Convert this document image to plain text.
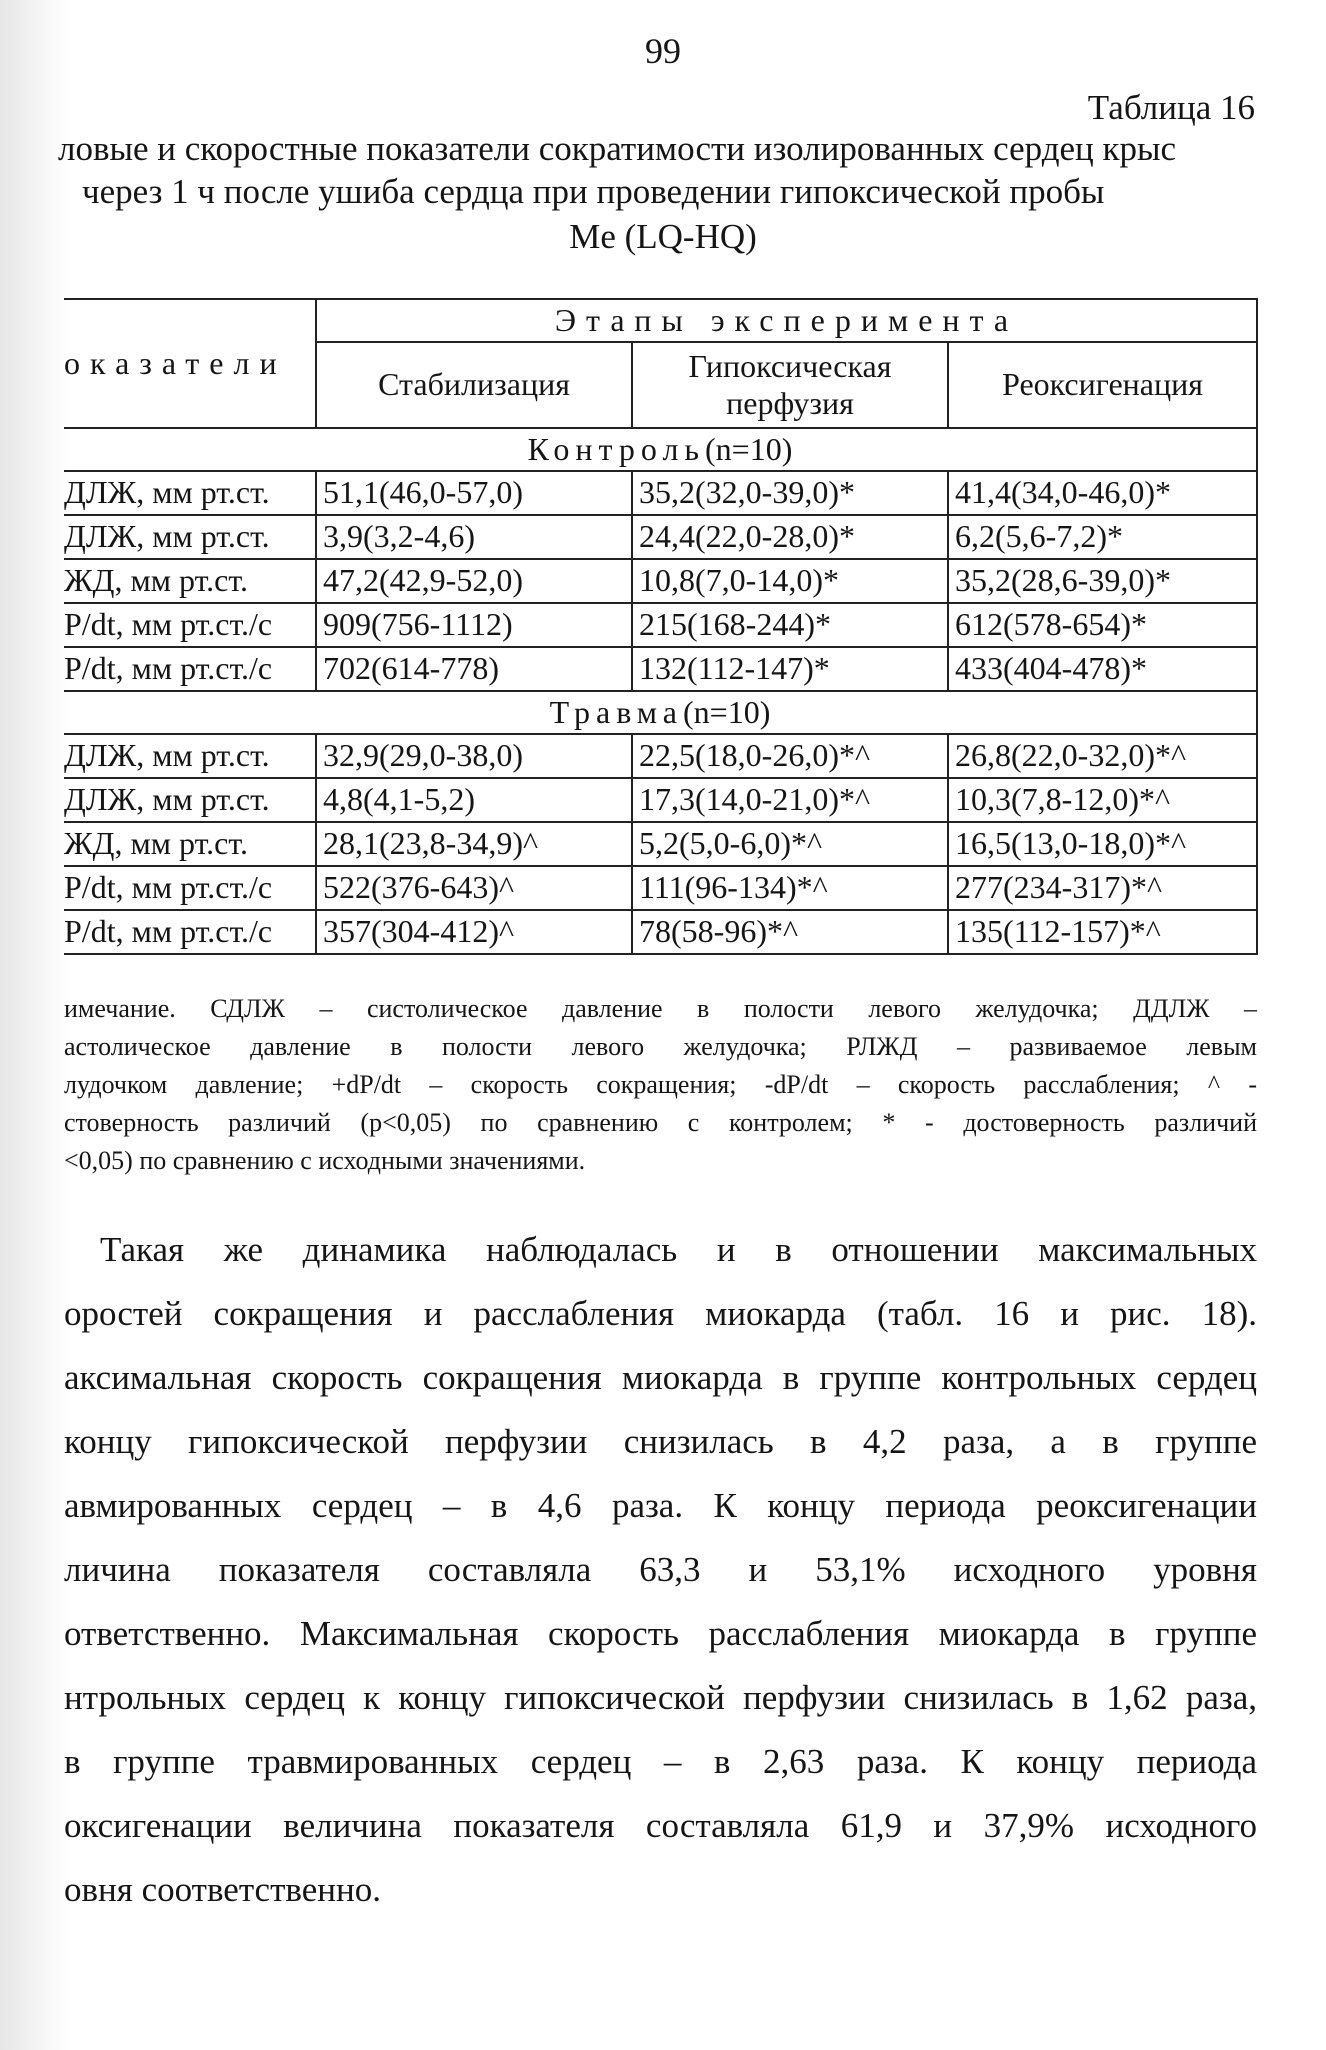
99
Таблица 16
ловые и скоростные показатели сократимости изолированных сердец крыс
через 1 ч после ушиба сердца при проведении гипоксической пробы
Me (LQ-HQ)
оказатели	Этапы эксперимента		
	Стабилизация	Гипоксическая перфузия	Реоксигенация
Контроль(n=10)			
ДЛЖ, мм рт.ст.	51,1(46,0-57,0)	35,2(32,0-39,0)*	41,4(34,0-46,0)*
ДЛЖ, мм рт.ст.	3,9(3,2-4,6)	24,4(22,0-28,0)*	6,2(5,6-7,2)*
ЖД, мм рт.ст.	47,2(42,9-52,0)	10,8(7,0-14,0)*	35,2(28,6-39,0)*
P/dt, мм рт.ст./с	909(756-1112)	215(168-244)*	612(578-654)*
P/dt, мм рт.ст./с	702(614-778)	132(112-147)*	433(404-478)*
Травма(n=10)			
ДЛЖ, мм рт.ст.	32,9(29,0-38,0)	22,5(18,0-26,0)*^	26,8(22,0-32,0)*^
ДЛЖ, мм рт.ст.	4,8(4,1-5,2)	17,3(14,0-21,0)*^	10,3(7,8-12,0)*^
ЖД, мм рт.ст.	28,1(23,8-34,9)^	5,2(5,0-6,0)*^	16,5(13,0-18,0)*^
P/dt, мм рт.ст./с	522(376-643)^	111(96-134)*^	277(234-317)*^
P/dt, мм рт.ст./с	357(304-412)^	78(58-96)*^	135(112-157)*^

имечание. СДЛЖ – систолическое давление в полости левого желудочка; ДДЛЖ –

астолическое давление в полости левого желудочка; РЛЖД – развиваемое левым

лудочком давление; +dP/dt – скорость сокращения; -dP/dt – скорость расслабления; ^ -

стоверность различий (p<0,05) по сравнению с контролем; * - достоверность различий

<0,05) по сравнению с исходными значениями.

Такая же динамика наблюдалась и в отношении максимальных

оростей сокращения и расслабления миокарда (табл. 16 и рис. 18).

аксимальная скорость сокращения миокарда в группе контрольных сердец

концу гипоксической перфузии снизилась в 4,2 раза, а в группе

авмированных сердец – в 4,6 раза. К концу периода реоксигенации

личина показателя составляла 63,3 и 53,1% исходного уровня

ответственно. Максимальная скорость расслабления миокарда в группе

нтрольных сердец к концу гипоксической перфузии снизилась в 1,62 раза,

в группе травмированных сердец – в 2,63 раза. К концу периода

оксигенации величина показателя составляла 61,9 и 37,9% исходного

овня соответственно.
